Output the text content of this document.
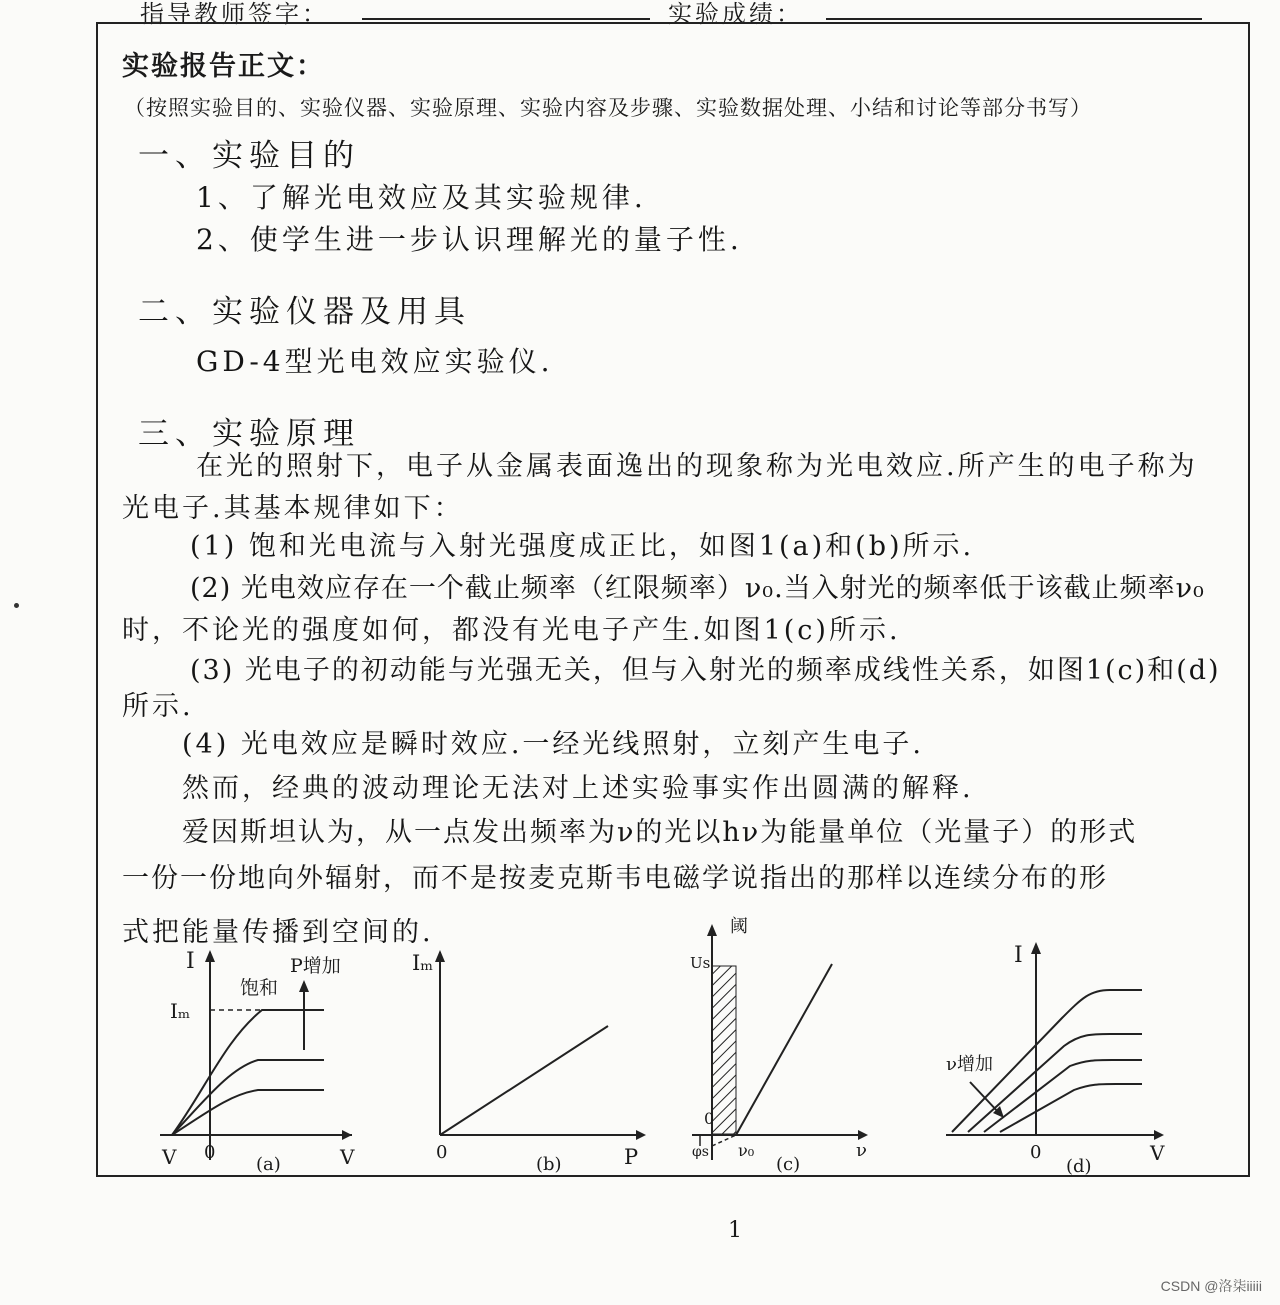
指导教师签字：	实验成绩：
实验报告正文：
（按照实验目的、实验仪器、实验原理、实验内容及步骤、实验数据处理、小结和讨论等部分书写）
一、实验目的
1、了解光电效应及其实验规律.
2、使学生进一步认识理解光的量子性.
二、实验仪器及用具
GD-4型光电效应实验仪.
三、实验原理
在光的照射下，电子从金属表面逸出的现象称为光电效应.所产生的电子称为
光电子.其基本规律如下：
(1) 饱和光电流与入射光强度成正比，如图1(a)和(b)所示.
(2) 光电效应存在一个截止频率（红限频率）ν₀.当入射光的频率低于该截止频率ν₀
时，不论光的强度如何，都没有光电子产生.如图1(c)所示.
(3) 光电子的初动能与光强无关，但与入射光的频率成线性关系，如图1(c)和(d)
所示.
(4) 光电效应是瞬时效应.一经光线照射，立刻产生电子.
然而，经典的波动理论无法对上述实验事实作出圆满的解释.
爱因斯坦认为，从一点发出频率为ν的光以hν为能量单位（光量子）的形式
一份一份地向外辐射，而不是按麦克斯韦电磁学说指出的那样以连续分布的形
式把能量传播到空间的.
I
Iₘ
饱和
P增加
V 0	V
(a)
Iₘ
0	P
(b)
Us
阈
0
ν₀
φs	ν
(c)
I
ν增加
0	V
(d)
1
CSDN @洛柒iiiii
